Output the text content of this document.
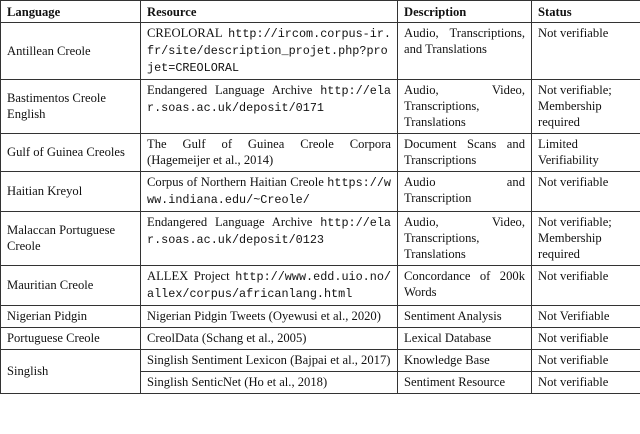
Language	Resource	Description	Status
Antillean Creole	CREOLORAL http://ircom.corpus-ir.fr/site/description_projet.php?projet=CREOLORAL	Audio, Transcriptions, and Translations	Not verifiable
Bastimentos Creole English	Endangered Language Archive http://elar.soas.ac.uk/deposit/0171	Audio, Video, Transcriptions, Translations	Not verifiable; Membership required
Gulf of Guinea Creoles	The Gulf of Guinea Creole Corpora (Hagemeijer et al., 2014)	Document Scans and Transcriptions	Limited Verifiability
Haitian Kreyol	Corpus of Northern Haitian Creole https://www.indiana.edu/~Creole/	Audio and Transcription	Not verifiable
Malaccan Portuguese Creole	Endangered Language Archive http://elar.soas.ac.uk/deposit/0123	Audio, Video, Transcriptions, Translations	Not verifiable; Membership required
Mauritian Creole	ALLEX Project http://www.edd.uio.no/allex/corpus/africanlang.html	Concordance of 200k Words	Not verifiable
Nigerian Pidgin	Nigerian Pidgin Tweets (Oyewusi et al., 2020)	Sentiment Analysis	Not Verifiable
Portuguese Creole	CreolData (Schang et al., 2005)	Lexical Database	Not verifiable
Singlish	Singlish Sentiment Lexicon (Bajpai et al., 2017)	Knowledge Base	Not verifiable
	Singlish SenticNet (Ho et al., 2018)	Sentiment Resource	Not verifiable
